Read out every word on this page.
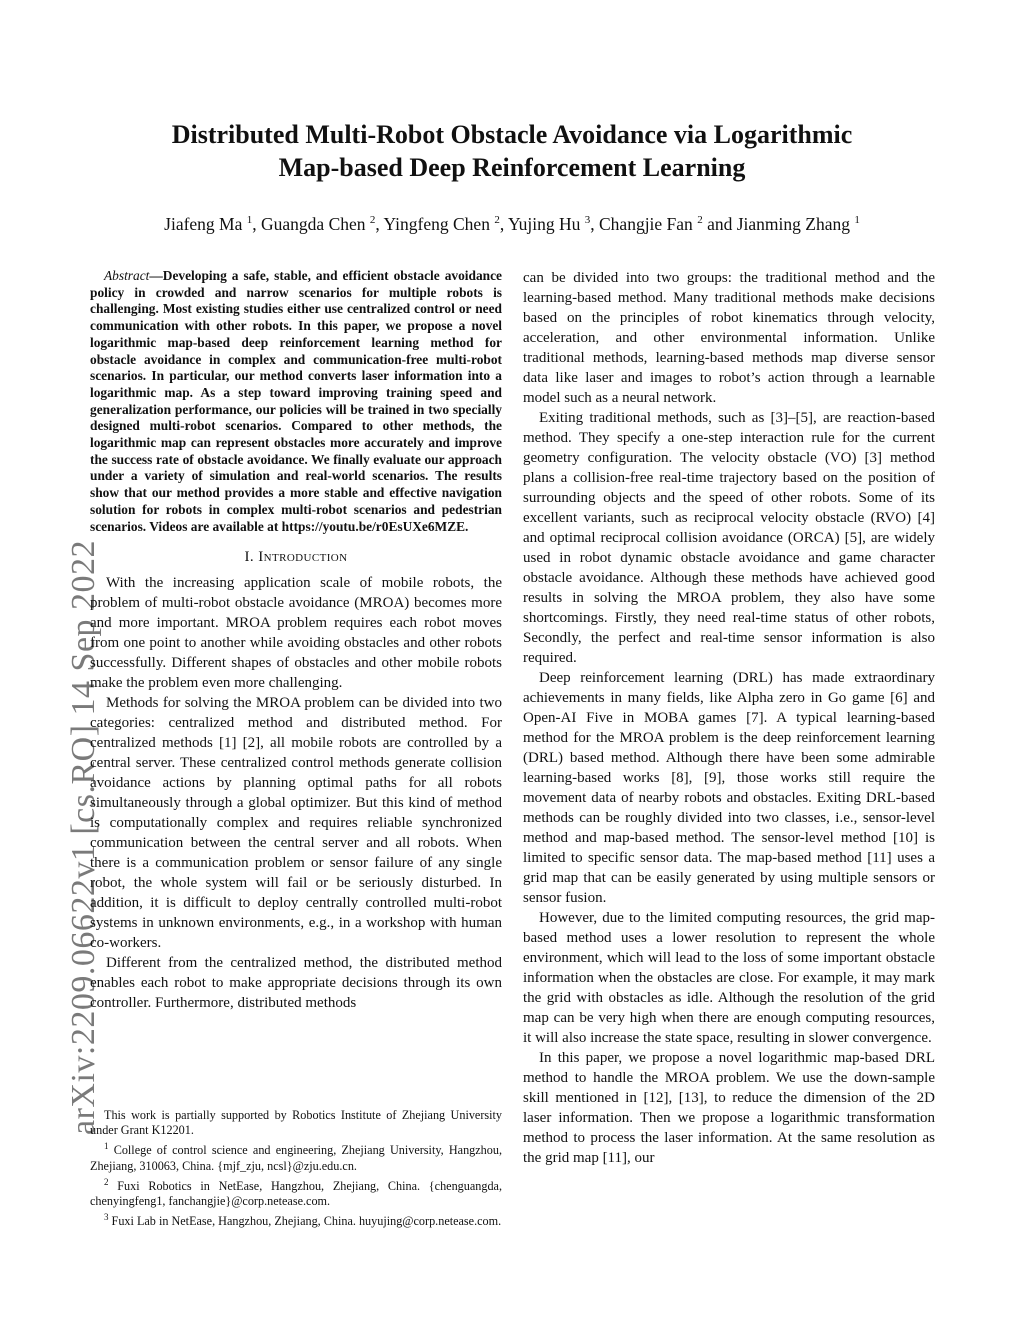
Distributed Multi-Robot Obstacle Avoidance via Logarithmic
Map-based Deep Reinforcement Learning
Jiafeng Ma $^1$, Guangda Chen $^2$, Yingfeng Chen $^2$, Yujing Hu $^3$, Changjie Fan $^2$ and Jianming Zhang $^1$
arXiv:2209.06622v1 [cs.RO] 14 Sep 2022

Abstract—Developing a safe, stable, and efficient obstacle avoidance policy in crowded and narrow scenarios for multiple robots is challenging. Most existing studies either use centralized control or need communication with other robots. In this paper, we propose a novel logarithmic map-based deep reinforcement learning method for obstacle avoidance in complex and communication-free multi-robot scenarios. In particular, our method converts laser information into a logarithmic map. As a step toward improving training speed and generalization performance, our policies will be trained in two specially designed multi-robot scenarios. Compared to other methods, the logarithmic map can represent obstacles more accurately and improve the success rate of obstacle avoidance. We finally evaluate our approach under a variety of simulation and real-world scenarios. The results show that our method provides a more stable and effective navigation solution for robots in complex multi-robot scenarios and pedestrian scenarios. Videos are available at https://youtu.be/r0EsUXe6MZE.

I. Introduction

With the increasing application scale of mobile robots, the problem of multi-robot obstacle avoidance (MROA) becomes more and more important. MROA problem requires each robot moves from one point to another while avoiding obstacles and other robots successfully. Different shapes of obstacles and other mobile robots make the problem even more challenging.

Methods for solving the MROA problem can be divided into two categories: centralized method and distributed method. For centralized methods [1] [2], all mobile robots are controlled by a central server. These centralized control methods generate collision avoidance actions by planning optimal paths for all robots simultaneously through a global optimizer. But this kind of method is computationally complex and requires reliable synchronized communication between the central server and all robots. When there is a communication problem or sensor failure of any single robot, the whole system will fail or be seriously disturbed. In addition, it is difficult to deploy centrally controlled multi-robot systems in unknown environments, e.g., in a workshop with human co-workers.

Different from the centralized method, the distributed method enables each robot to make appropriate decisions through its own controller. Furthermore, distributed methods

This work is partially supported by Robotics Institute of Zhejiang University under Grant K12201.

$^1$ College of control science and engineering, Zhejiang University, Hangzhou, Zhejiang, 310063, China. {mjf_zju, ncsl}@zju.edu.cn.

$^2$ Fuxi Robotics in NetEase, Hangzhou, Zhejiang, China. {chenguangda, chenyingfeng1, fanchangjie}@corp.netease.com.

$^3$ Fuxi Lab in NetEase, Hangzhou, Zhejiang, China. huyujing@corp.netease.com.

can be divided into two groups: the traditional method and the learning-based method. Many traditional methods make decisions based on the principles of robot kinematics through velocity, acceleration, and other environmental information. Unlike traditional methods, learning-based methods map diverse sensor data like laser and images to robot’s action through a learnable model such as a neural network.

Exiting traditional methods, such as [3]–[5], are reaction-based method. They specify a one-step interaction rule for the current geometry configuration. The velocity obstacle (VO) [3] method plans a collision-free real-time trajectory based on the position of surrounding objects and the speed of other robots. Some of its excellent variants, such as reciprocal velocity obstacle (RVO) [4] and optimal reciprocal collision avoidance (ORCA) [5], are widely used in robot dynamic obstacle avoidance and game character obstacle avoidance. Although these methods have achieved good results in solving the MROA problem, they also have some shortcomings. Firstly, they need real-time status of other robots, Secondly, the perfect and real-time sensor information is also required.

Deep reinforcement learning (DRL) has made extraordinary achievements in many fields, like Alpha zero in Go game [6] and Open-AI Five in MOBA games [7]. A typical learning-based method for the MROA problem is the deep reinforcement learning (DRL) based method. Although there have been some admirable learning-based works [8], [9], those works still require the movement data of nearby robots and obstacles. Exiting DRL-based methods can be roughly divided into two classes, i.e., sensor-level method and map-based method. The sensor-level method [10] is limited to specific sensor data. The map-based method [11] uses a grid map that can be easily generated by using multiple sensors or sensor fusion.

However, due to the limited computing resources, the grid map-based method uses a lower resolution to represent the whole environment, which will lead to the loss of some important obstacle information when the obstacles are close. For example, it may mark the grid with obstacles as idle. Although the resolution of the grid map can be very high when there are enough computing resources, it will also increase the state space, resulting in slower convergence.

In this paper, we propose a novel logarithmic map-based DRL method to handle the MROA problem. We use the down-sample skill mentioned in [12], [13], to reduce the dimension of the 2D laser information. Then we propose a logarithmic transformation method to process the laser information. At the same resolution as the grid map [11], our
